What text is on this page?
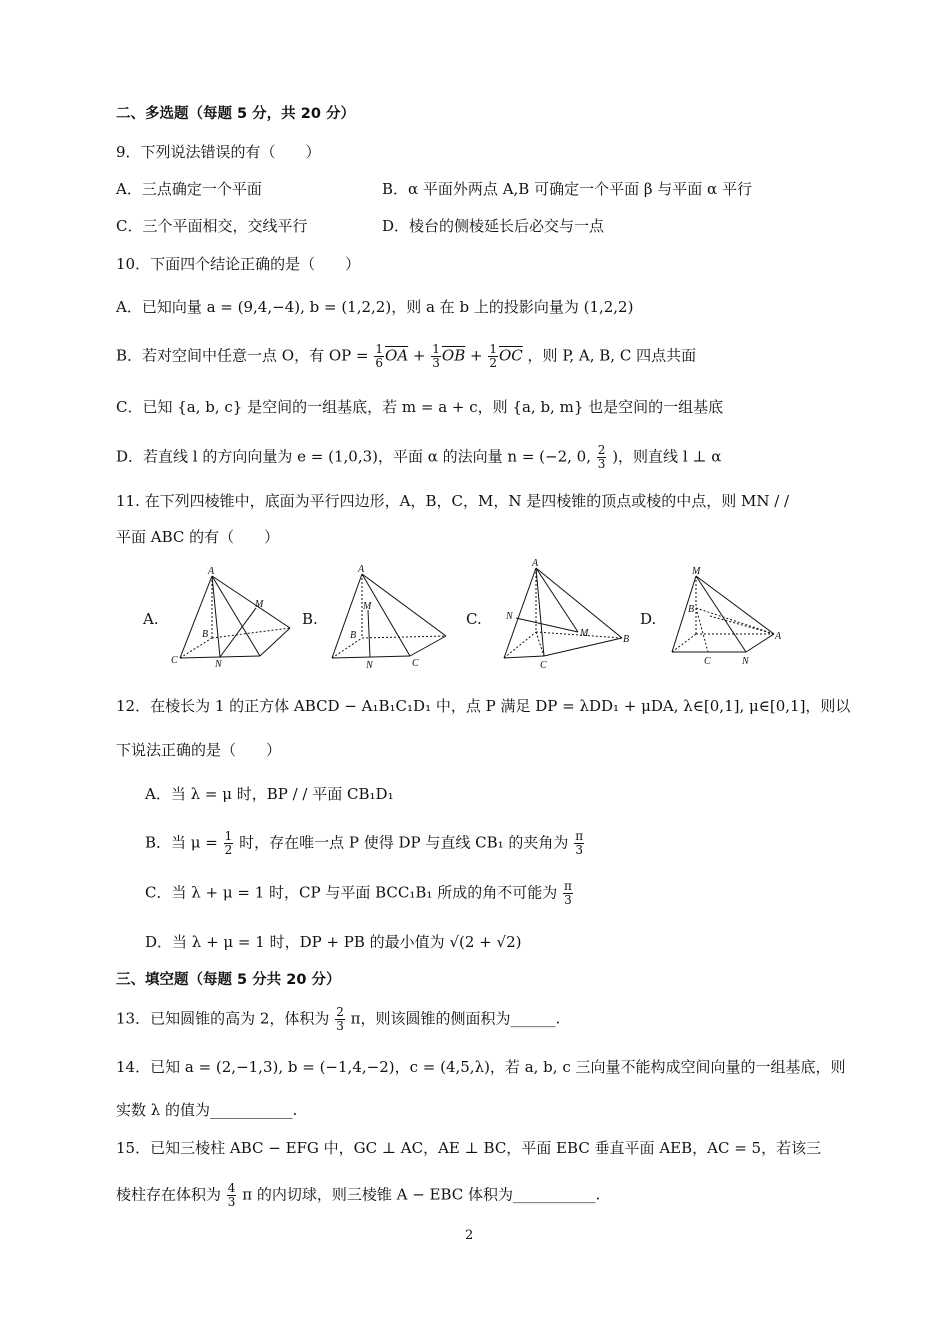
二、多选题（每题 5 分，共 20 分）
9．下列说法错误的有（　　）
A．三点确定一个平面	B．α 平面外两点 A,B 可确定一个平面 β 与平面 α 平行
C．三个平面相交，交线平行	D．棱台的侧棱延长后必交与一点
10．下面四个结论正确的是（　　）
A．已知向量 a = (9,4,−4), b = (1,2,2)，则 a 在 b 上的投影向量为 (1,2,2)
B．若对空间中任意一点 O，有 OP = $\frac{1}{6} \overline{OA} + \frac{1}{3} \overline{OB} + \frac{1}{2} \overline{OC}$ ，则 P, A, B, C 四点共面
C．已知 {a, b, c} 是空间的一组基底，若 m = a + c，则 {a, b, m} 也是空间的一组基底
D．若直线 l 的方向向量为 e = (1,0,3)，平面 α 的法向量 n = (−2, 0, $\frac{2}{3}$ )，则直线 l ⊥ α
11. 在下列四棱锥中，底面为平行四边形，A，B，C，M，N 是四棱锥的顶点或棱的中点，则 MN / /
平面 ABC 的有（　　）
A.	B.	C.	D.
A
B
C
M
N
A
B
C
M
N
A
B
C
M
N
M
B
A
C	N
12．在棱长为 1 的正方体 ABCD − A₁B₁C₁D₁ 中，点 P 满足 DP = λDD₁ + μDA, λ∈[0,1], μ∈[0,1]，则以
下说法正确的是（　　）
A．当 λ = μ 时，BP / / 平面 CB₁D₁
B．当 $\mu = \frac{1}{2}$ 时，存在唯一点 P 使得 DP 与直线 CB₁ 的夹角为 $\frac{\pi}{3}$
C．当 λ + μ = 1 时，CP 与平面 BCC₁B₁ 所成的角不可能为 $\frac{\pi}{3}$
D．当 λ + μ = 1 时，DP + PB 的最小值为 √(2 + √2)
三、填空题（每题 5 分共 20 分）
13．已知圆锥的高为 2，体积为 $\frac{2}{3}$ π，则该圆锥的侧面积为______.
14．已知 a = (2,−1,3), b = (−1,4,−2)，c = (4,5,λ)，若 a, b, c 三向量不能构成空间向量的一组基底，则
实数 λ 的值为___________.
15．已知三棱柱 ABC − EFG 中，GC ⊥ AC，AE ⊥ BC，平面 EBC 垂直平面 AEB，AC = 5，若该三
棱柱存在体积为 $\frac{4}{3}$ π 的内切球，则三棱锥 A − EBC 体积为___________.
2
